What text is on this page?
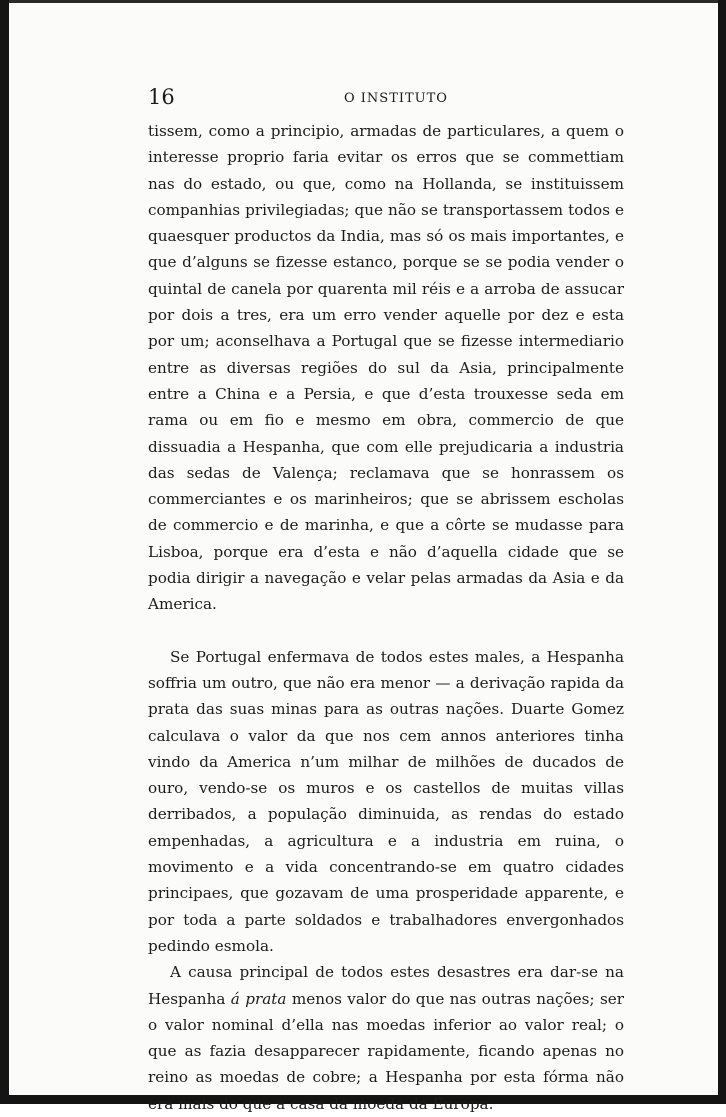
16	O INSTITUTO

tissem, como a principio, armadas de particulares, a quem o interesse proprio faria evitar os erros que se commettiam nas do estado, ou que, como na Hollanda, se instituissem companhias privilegiadas; que não se transportassem todos e quaesquer productos da India, mas só os mais importantes, e que d’alguns se fizesse estanco, porque se se podia vender o quintal de canela por quarenta mil réis e a arroba de assucar por dois a tres, era um erro vender aquelle por dez e esta por um; aconselhava a Portugal que se fizesse intermediario entre as diversas regiões do sul da Asia, principalmente entre a China e a Persia, e que d’esta trouxesse seda em rama ou em fio e mesmo em obra, commercio de que dissuadia a Hespanha, que com elle prejudicaria a industria das sedas de Valença; reclamava que se honrassem os commerciantes e os marinheiros; que se abrissem escholas de commercio e de marinha, e que a côrte se mudasse para Lisboa, porque era d’esta e não d’aquella cidade que se podia dirigir a navegação e velar pelas armadas da Asia e da America.

Se Portugal enfermava de todos estes males, a Hespanha soffria um outro, que não era menor — a derivação rapida da prata das suas minas para as outras nações. Duarte Gomez calculava o valor da que nos cem annos anteriores tinha vindo da America n’um milhar de milhões de ducados de ouro, vendo-se os muros e os castellos de muitas villas derribados, a população diminuida, as rendas do estado empenhadas, a agricultura e a industria em ruina, o movimento e a vida concentrando-se em quatro cidades principaes, que gozavam de uma prosperidade apparente, e por toda a parte soldados e trabalhadores envergonhados pedindo esmola.

A causa principal de todos estes desastres era dar-se na Hespanha á prata menos valor do que nas outras nações; ser o valor nominal d’ella nas moedas inferior ao valor real; o que as fazia desapparecer rapidamente, ficando apenas no reino as moedas de cobre; a Hespanha por esta fórma não era mais do que a casa da moeda da Europa.
